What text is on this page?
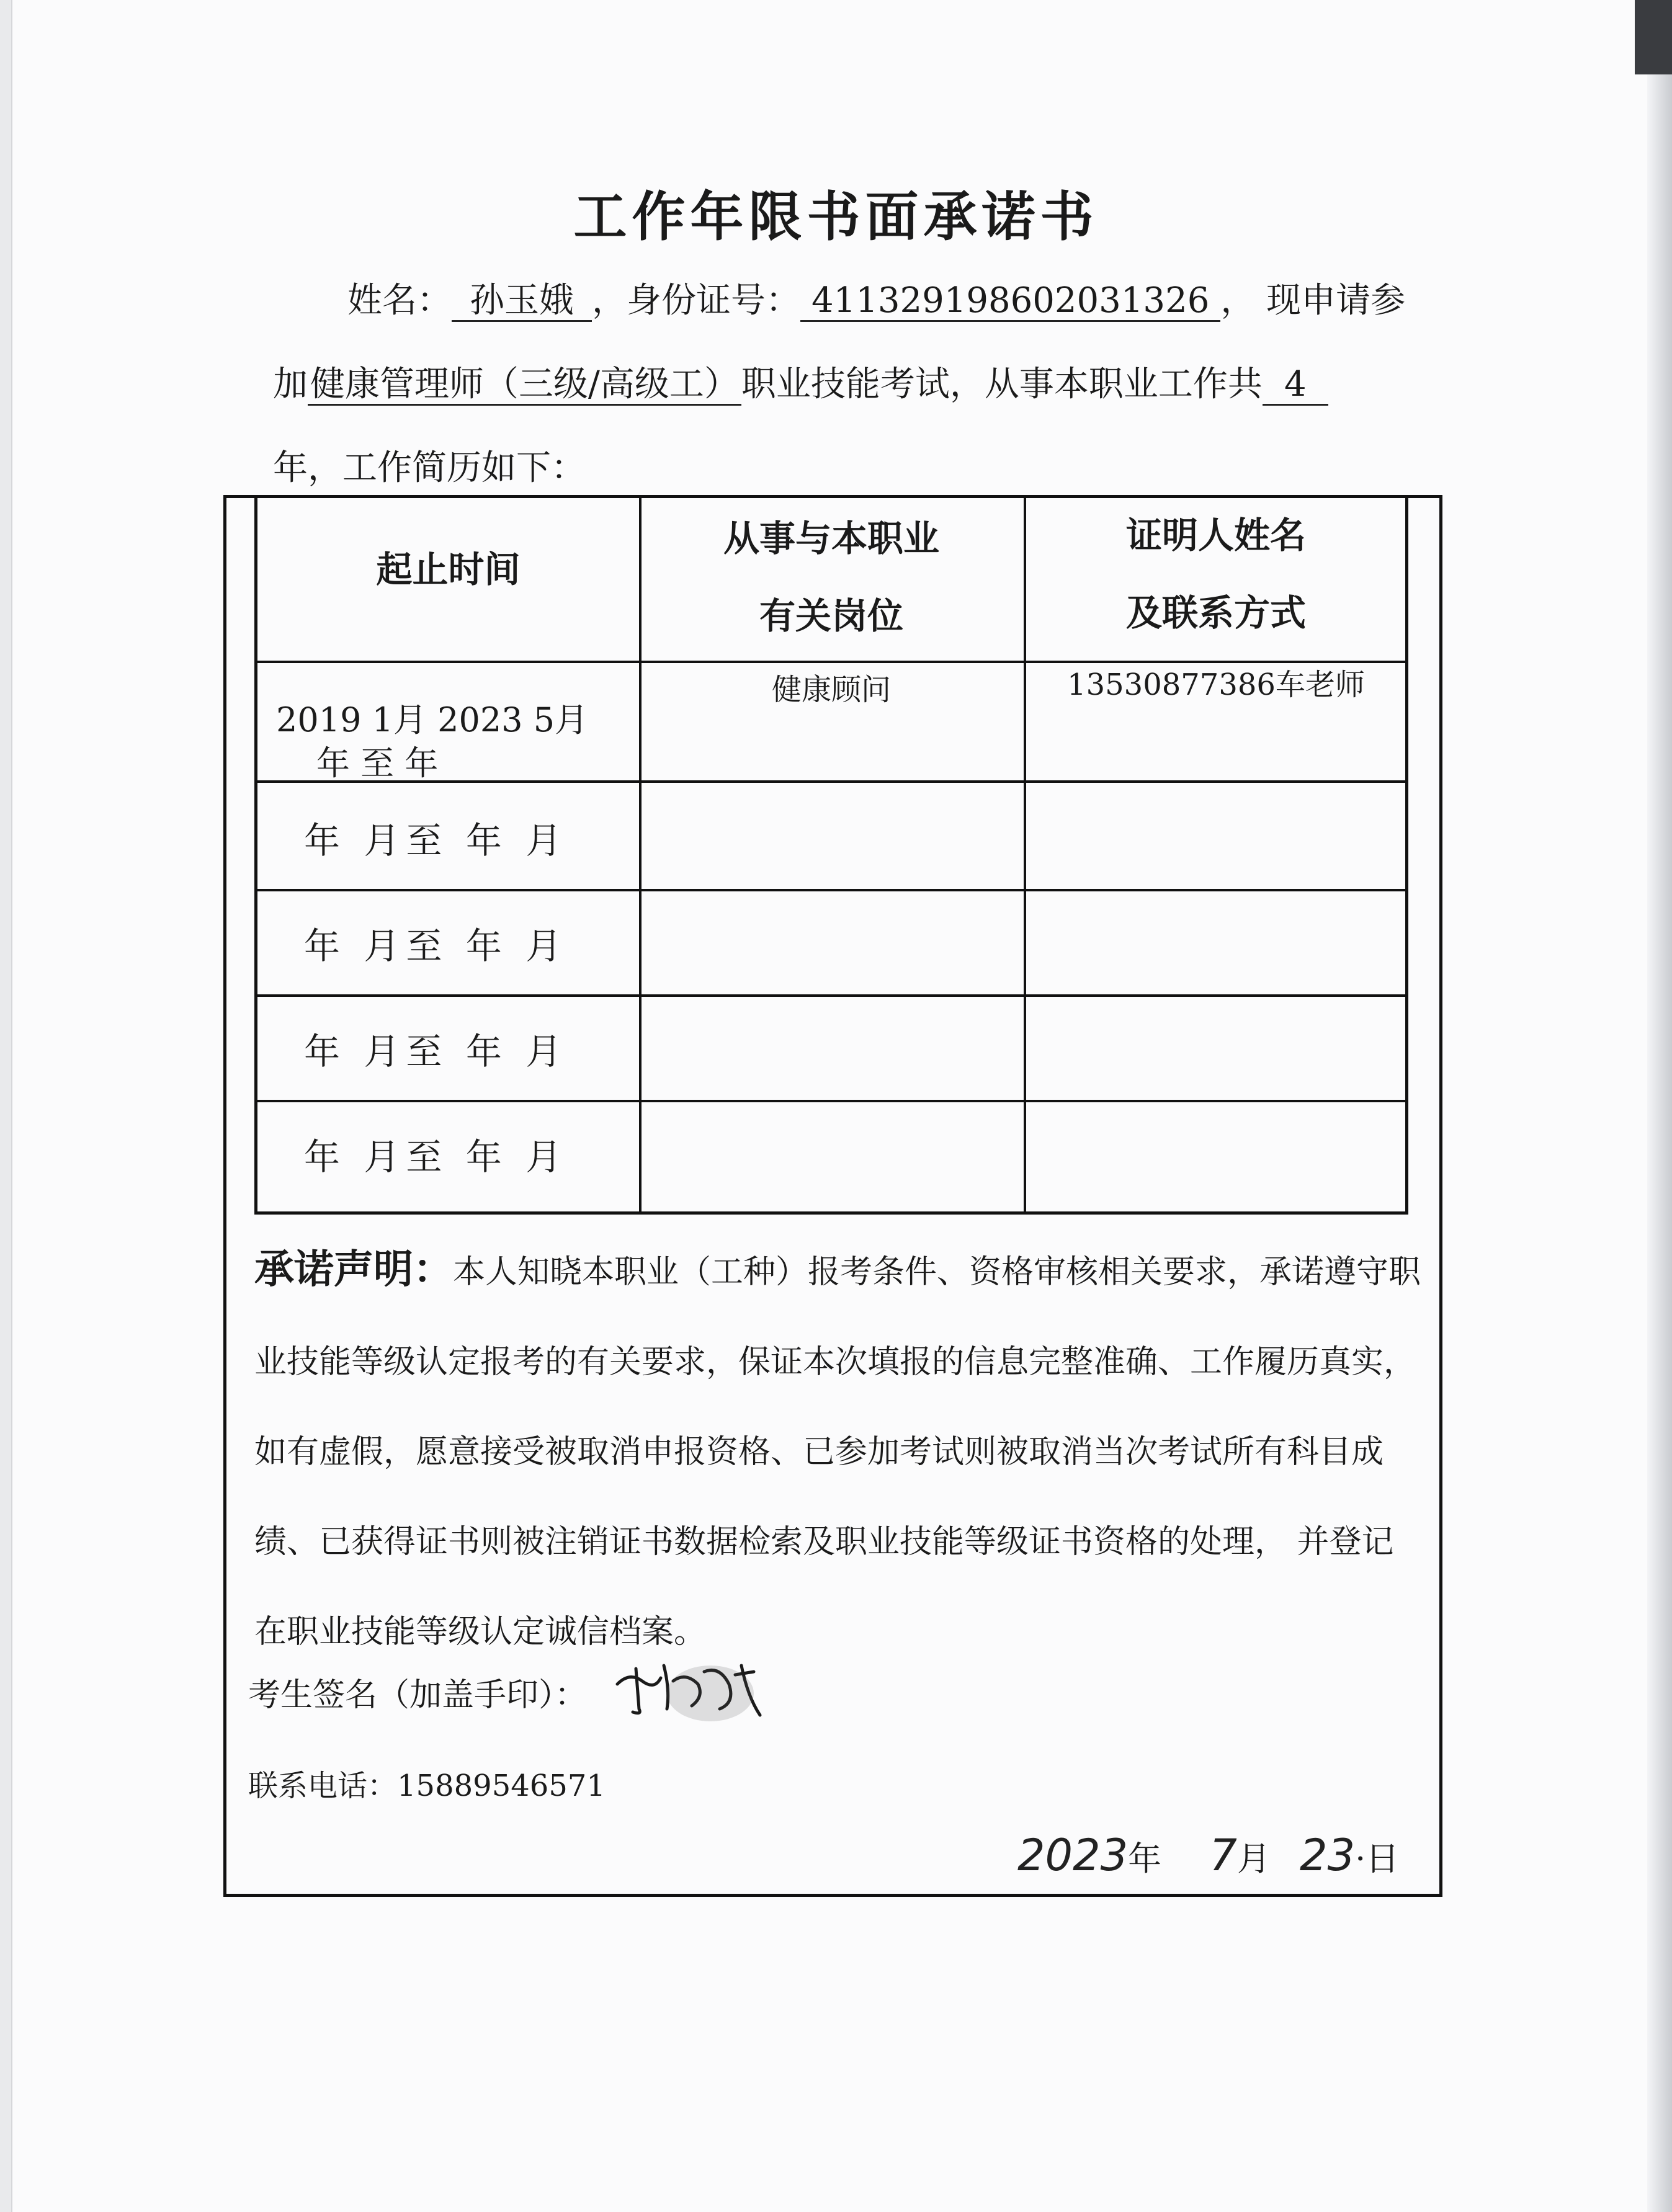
工作年限书面承诺书
姓名： 孙玉娥 ，身份证号： 411329198602031326 ， 现申请参
加健康管理师（三级/高级工）职业技能考试，从事本职业工作共 4
年，工作简历如下：
起止时间
从事与本职业
有关岗位
证明人姓名
及联系方式
2019 1月 2023 5月
年 至 年
健康顾问	13530877386车老师
年 月至 年 月
年 月至 年 月
年 月至 年 月
年 月至 年 月
承诺声明：本人知晓本职业（工种）报考条件、资格审核相关要求，承诺遵守职业技能等级认定报考的有关要求，保证本次填报的信息完整准确、工作履历真实，如有虚假，愿意接受被取消申报资格、已参加考试则被取消当次考试所有科目成绩、已获得证书则被注销证书数据检索及职业技能等级证书资格的处理， 并登记在职业技能等级认定诚信档案。
考生签名（加盖手印）：
孙玉娥
联系电话：15889546571
2023年 7月 23·日
